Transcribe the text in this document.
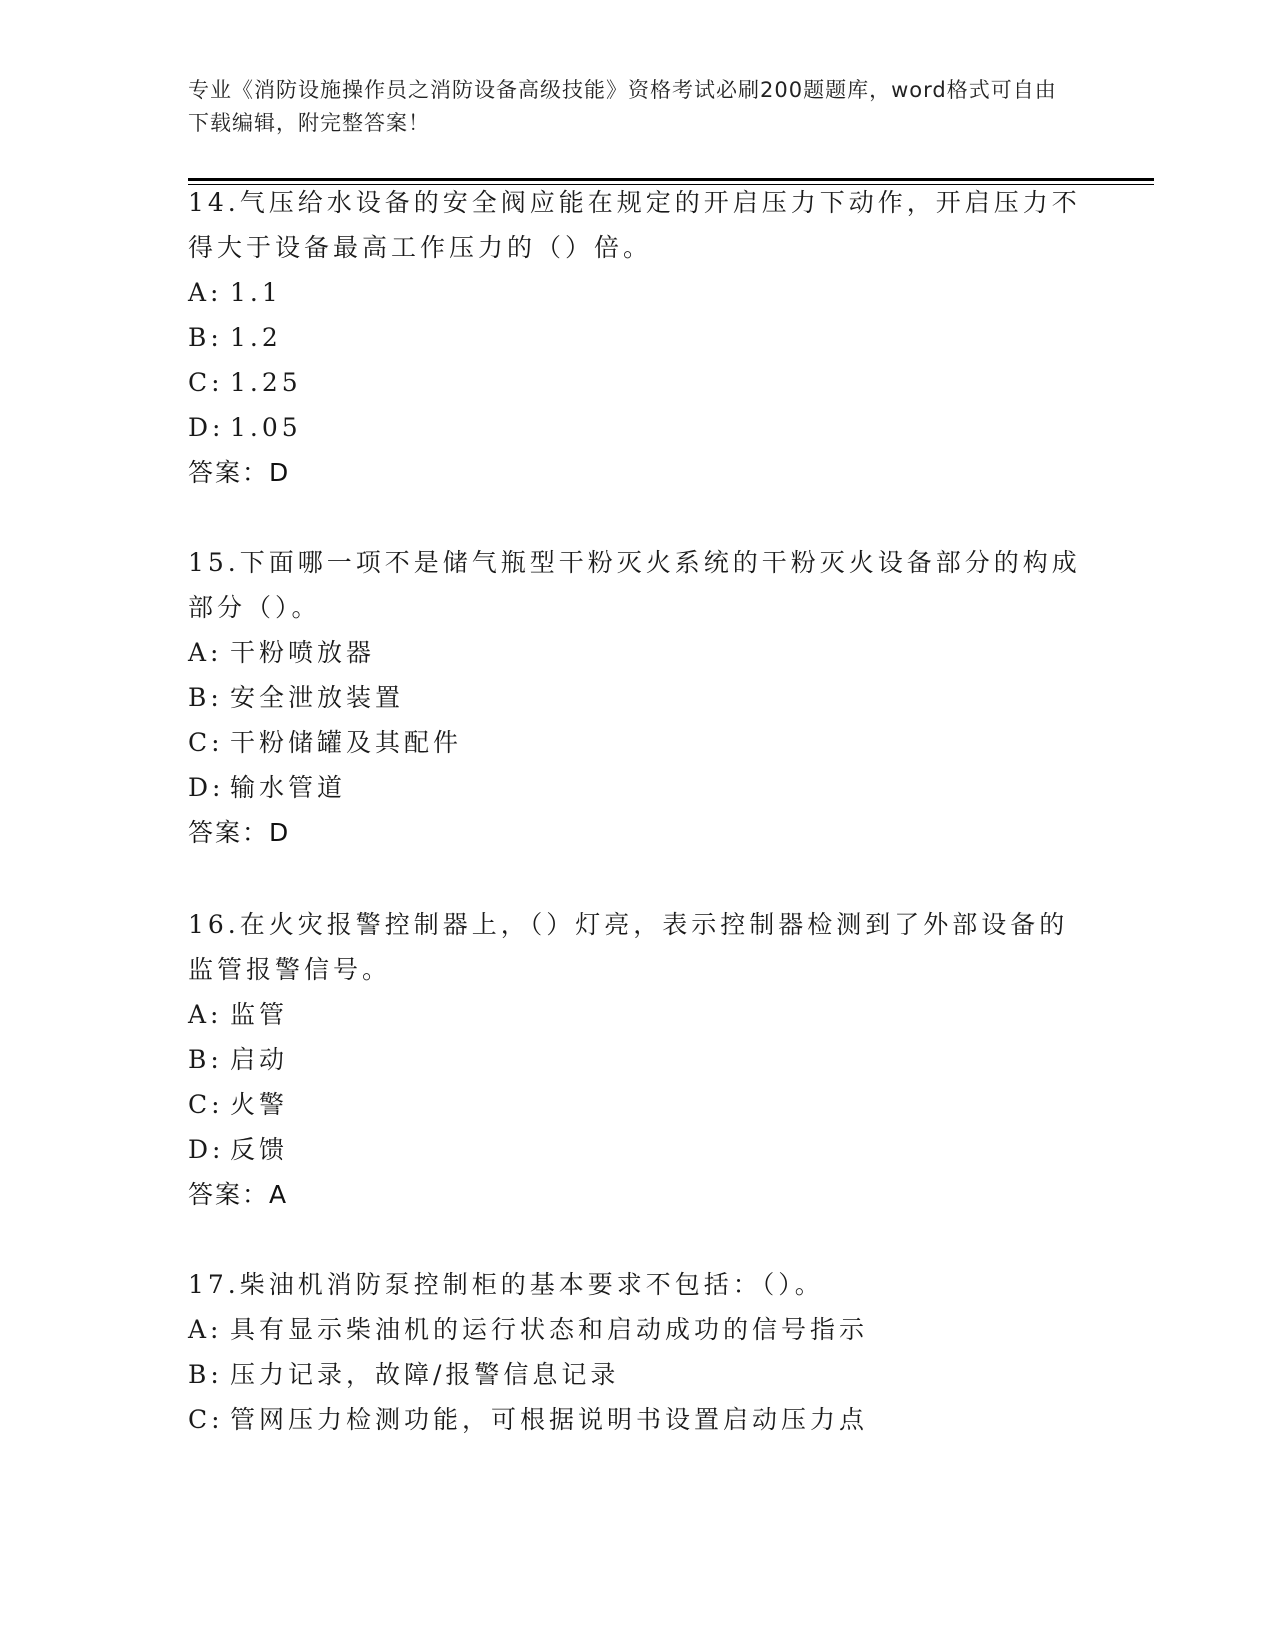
专业《消防设施操作员之消防设备高级技能》资格考试必刷200题题库，word格式可自由下载编辑，附完整答案！

14.气压给水设备的安全阀应能在规定的开启压力下动作，开启压力不得大于设备最高工作压力的（）倍。

A: 1.1
B: 1.2
C: 1.25
D: 1.05

答案：D

15.下面哪一项不是储气瓶型干粉灭火系统的干粉灭火设备部分的构成部分（）。

A: 干粉喷放器
B: 安全泄放装置
C: 干粉储罐及其配件
D: 输水管道

答案：D

16.在火灾报警控制器上，（）灯亮，表示控制器检测到了外部设备的监管报警信号。

A: 监管
B: 启动
C: 火警
D: 反馈

答案：A

17.柴油机消防泵控制柜的基本要求不包括：（）。

A: 具有显示柴油机的运行状态和启动成功的信号指示
B: 压力记录，故障/报警信息记录
C: 管网压力检测功能，可根据说明书设置启动压力点
